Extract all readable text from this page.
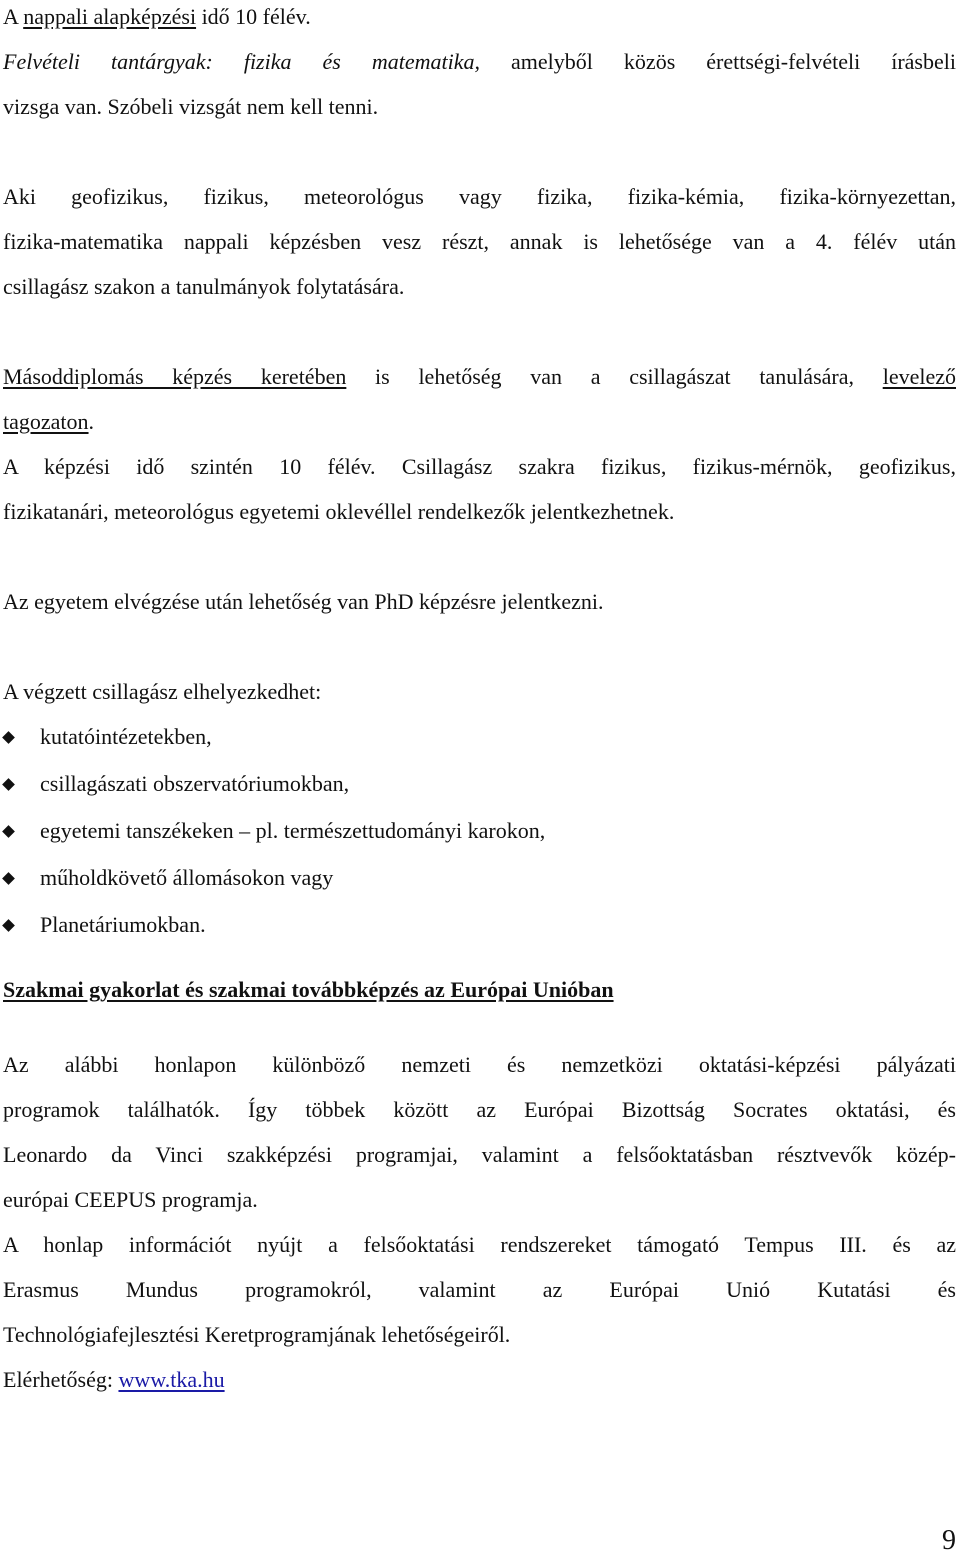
A nappali alapképzési idő 10 félév.

Felvételi tantárgyak: fizika és matematika, amelyből közös érettségi-felvételi írásbeli

vizsga van. Szóbeli vizsgát nem kell tenni.

Aki geofizikus, fizikus, meteorológus vagy fizika, fizika-kémia, fizika-környezettan,

fizika-matematika nappali képzésben vesz részt, annak is lehetősége van a 4. félév után

csillagász szakon a tanulmányok folytatására.

Másoddiplomás képzés keretében is lehetőség van a csillagászat tanulására, levelező

tagozaton.

A képzési idő szintén 10 félév. Csillagász szakra fizikus, fizikus-mérnök, geofizikus,

fizikatanári, meteorológus egyetemi oklevéllel rendelkezők jelentkezhetnek.

Az egyetem elvégzése után lehetőség van PhD képzésre jelentkezni.

A végzett csillagász elhelyezkedhet:

kutatóintézetekben,
csillagászati obszervatóriumokban,
egyetemi tanszékeken – pl. természettudományi karokon,
műholdkövető állomásokon vagy
Planetáriumokban.
Szakmai gyakorlat és szakmai továbbképzés az Európai Unióban

Az alábbi honlapon különböző nemzeti és nemzetközi oktatási-képzési pályázati

programok találhatók. Így többek között az Európai Bizottság Socrates oktatási, és

Leonardo da Vinci szakképzési programjai, valamint a felsőoktatásban résztvevők közép-

európai CEEPUS programja.

A honlap információt nyújt a felsőoktatási rendszereket támogató Tempus III. és az

Erasmus Mundus programokról, valamint az Európai Unió Kutatási és

Technológiafejlesztési Keretprogramjának lehetőségeiről.

Elérhetőség: www.tka.hu

9
